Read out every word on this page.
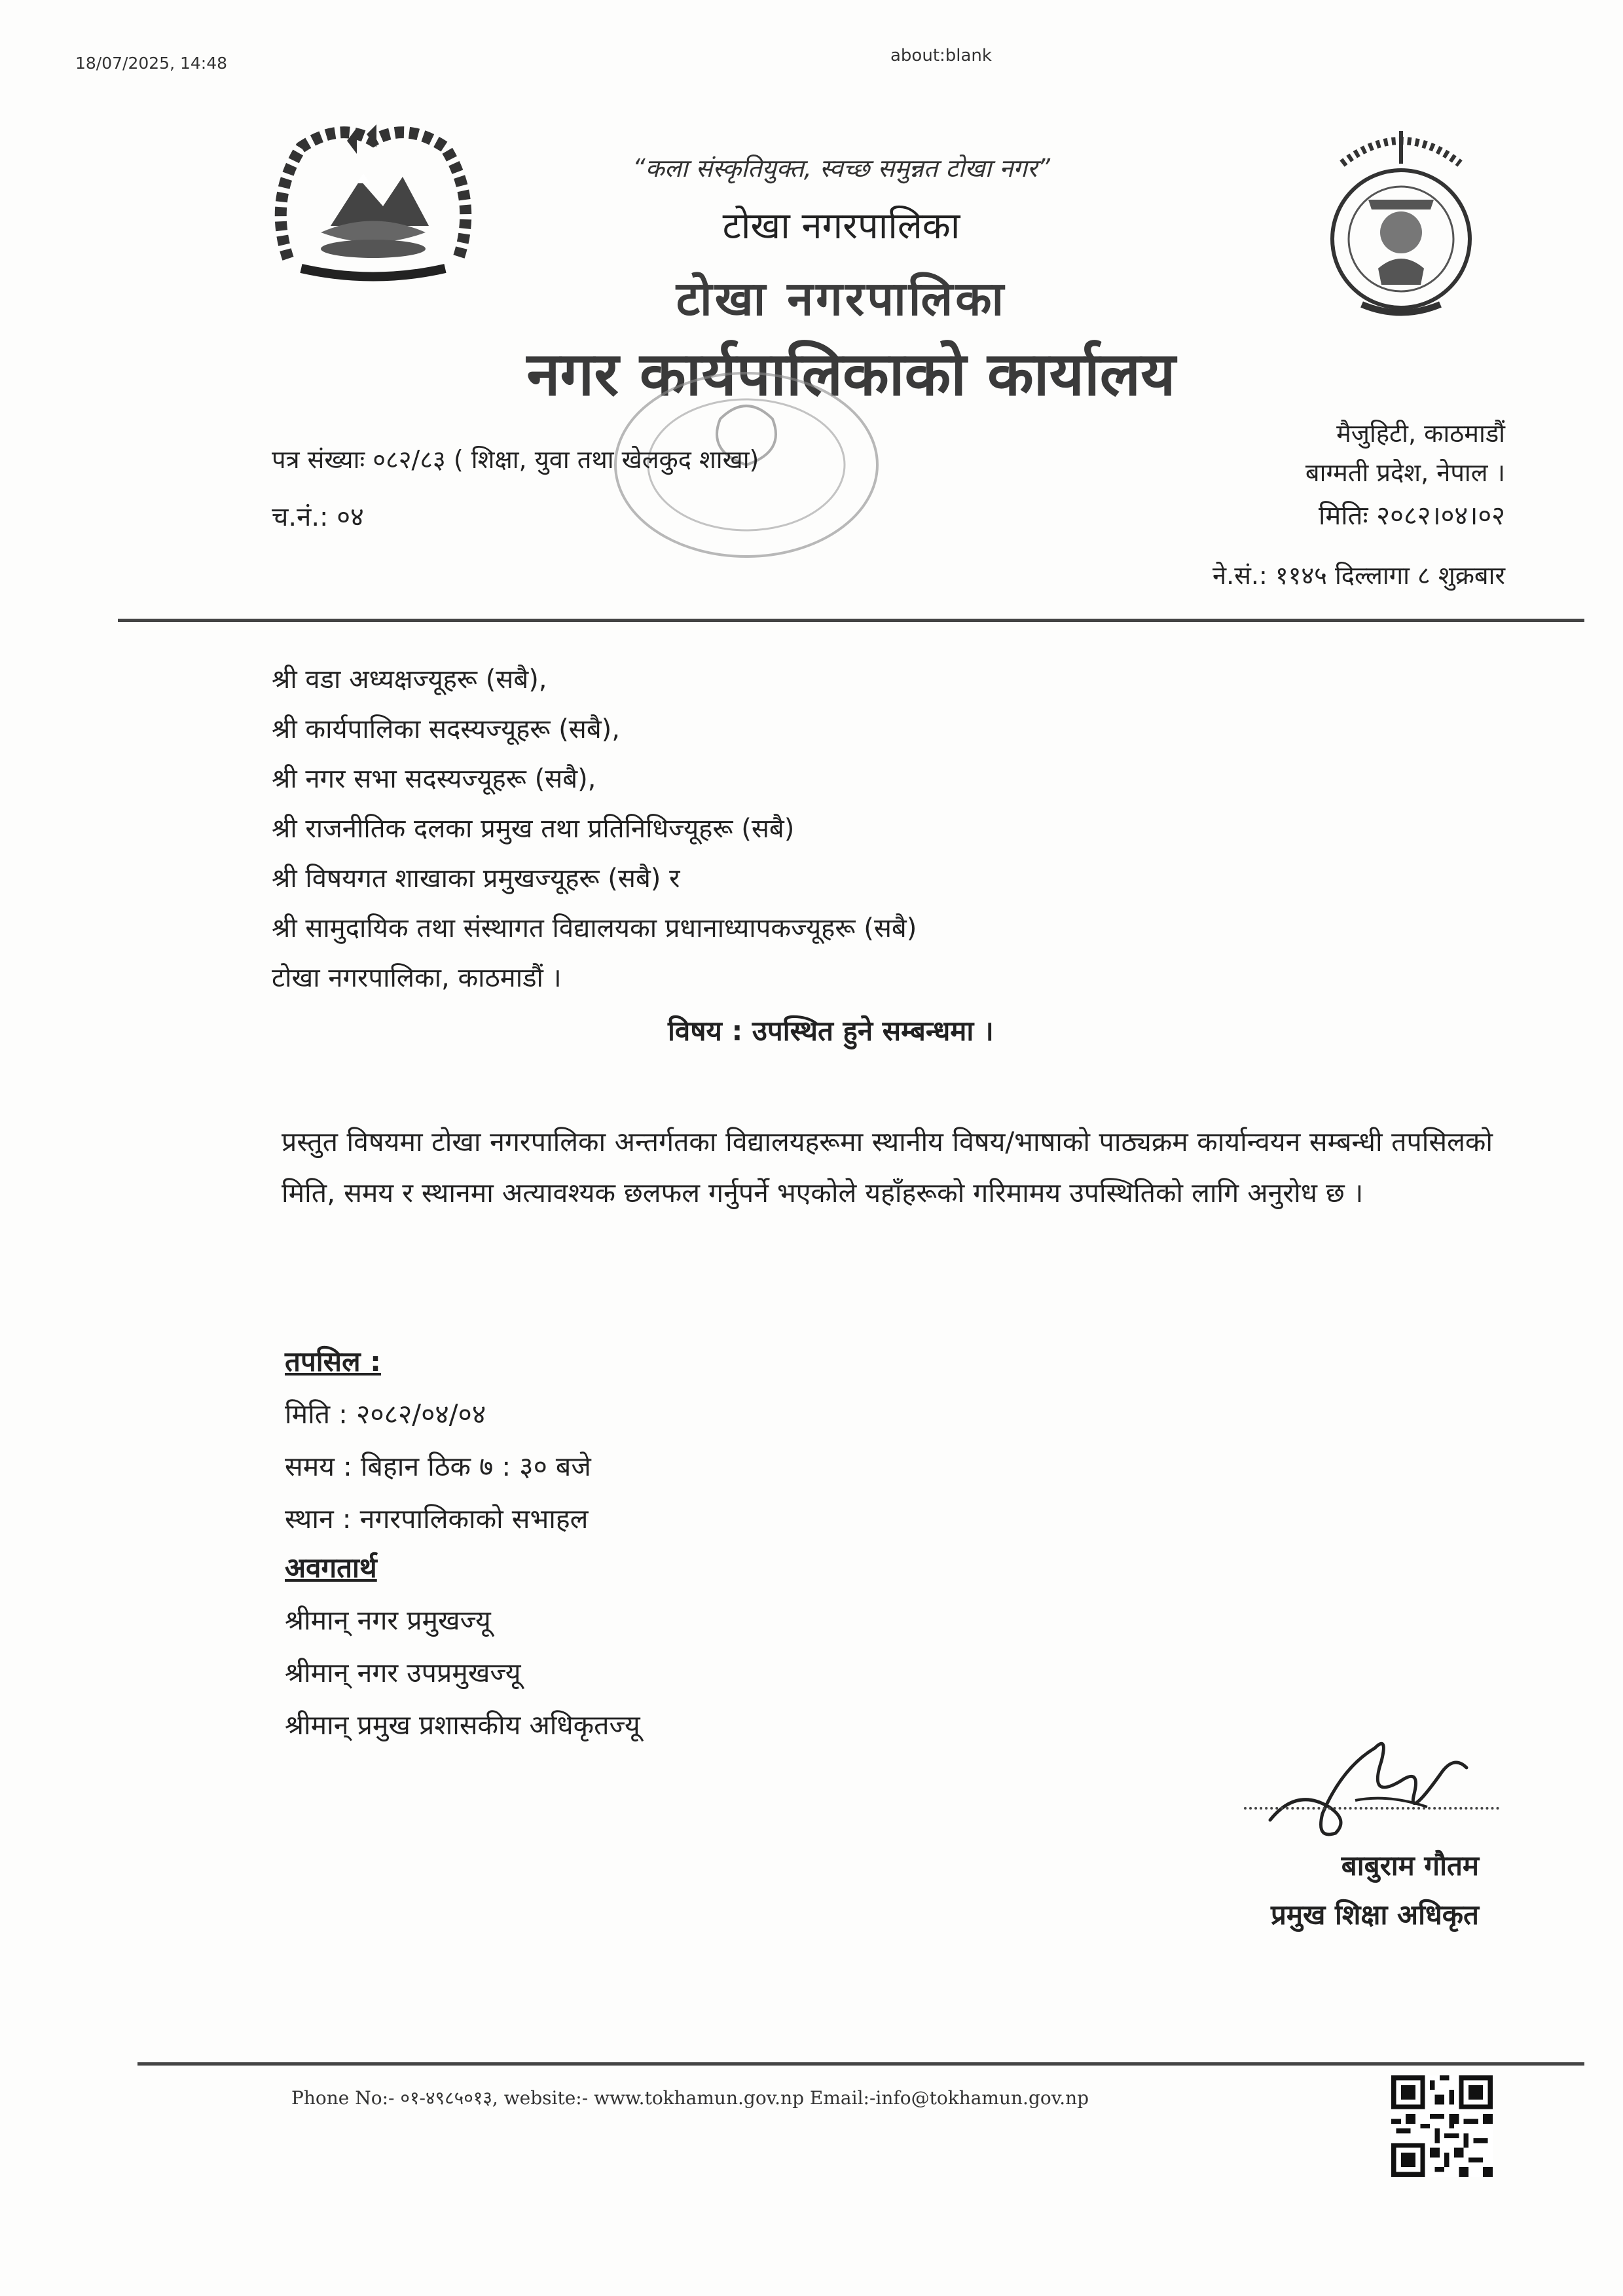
18/07/2025, 14:48	about:blank
“कला संस्कृतियुक्त, स्वच्छ समुन्नत टोखा नगर”
टोखा नगरपालिका
टोखा नगरपालिका
नगर कार्यपालिकाको कार्यालय
पत्र संख्याः ०८२/८३ ( शिक्षा, युवा तथा खेलकुद शाखा)
च.नं.: ०४
मैजुहिटी, काठमाडौं
बाग्मती प्रदेश, नेपाल ।
मितिः २०८२।०४।०२
ने.सं.: ११४५ दिल्लागा ८ शुक्रबार
श्री वडा अध्यक्षज्यूहरू (सबै),
श्री कार्यपालिका सदस्यज्यूहरू (सबै),
श्री नगर सभा सदस्यज्यूहरू (सबै),
श्री राजनीतिक दलका प्रमुख तथा प्रतिनिधिज्यूहरू (सबै)
श्री विषयगत शाखाका प्रमुखज्यूहरू (सबै) र
श्री सामुदायिक तथा संस्थागत विद्यालयका प्रधानाध्यापकज्यूहरू (सबै)
टोखा नगरपालिका, काठमाडौं ।
विषय : उपस्थित हुने सम्बन्धमा ।
प्रस्तुत विषयमा टोखा नगरपालिका अन्तर्गतका विद्यालयहरूमा स्थानीय विषय/भाषाको पाठ्यक्रम कार्यान्वयन सम्बन्धी तपसिलको मिति, समय र स्थानमा अत्यावश्यक छलफल गर्नुपर्ने भएकोले यहाँहरूको गरिमामय उपस्थितिको लागि अनुरोध छ ।
तपसिल :
मिति : २०८२/०४/०४
समय : बिहान ठिक ७ : ३० बजे
स्थान : नगरपालिकाको सभाहल
अवगतार्थ
श्रीमान् नगर प्रमुखज्यू
श्रीमान् नगर उपप्रमुखज्यू
श्रीमान् प्रमुख प्रशासकीय अधिकृतज्यू
बाबुराम गौतम
प्रमुख शिक्षा अधिकृत
Phone No:- ०१-४९८५०१३, website:- www.tokhamun.gov.np Email:-info@tokhamun.gov.np
